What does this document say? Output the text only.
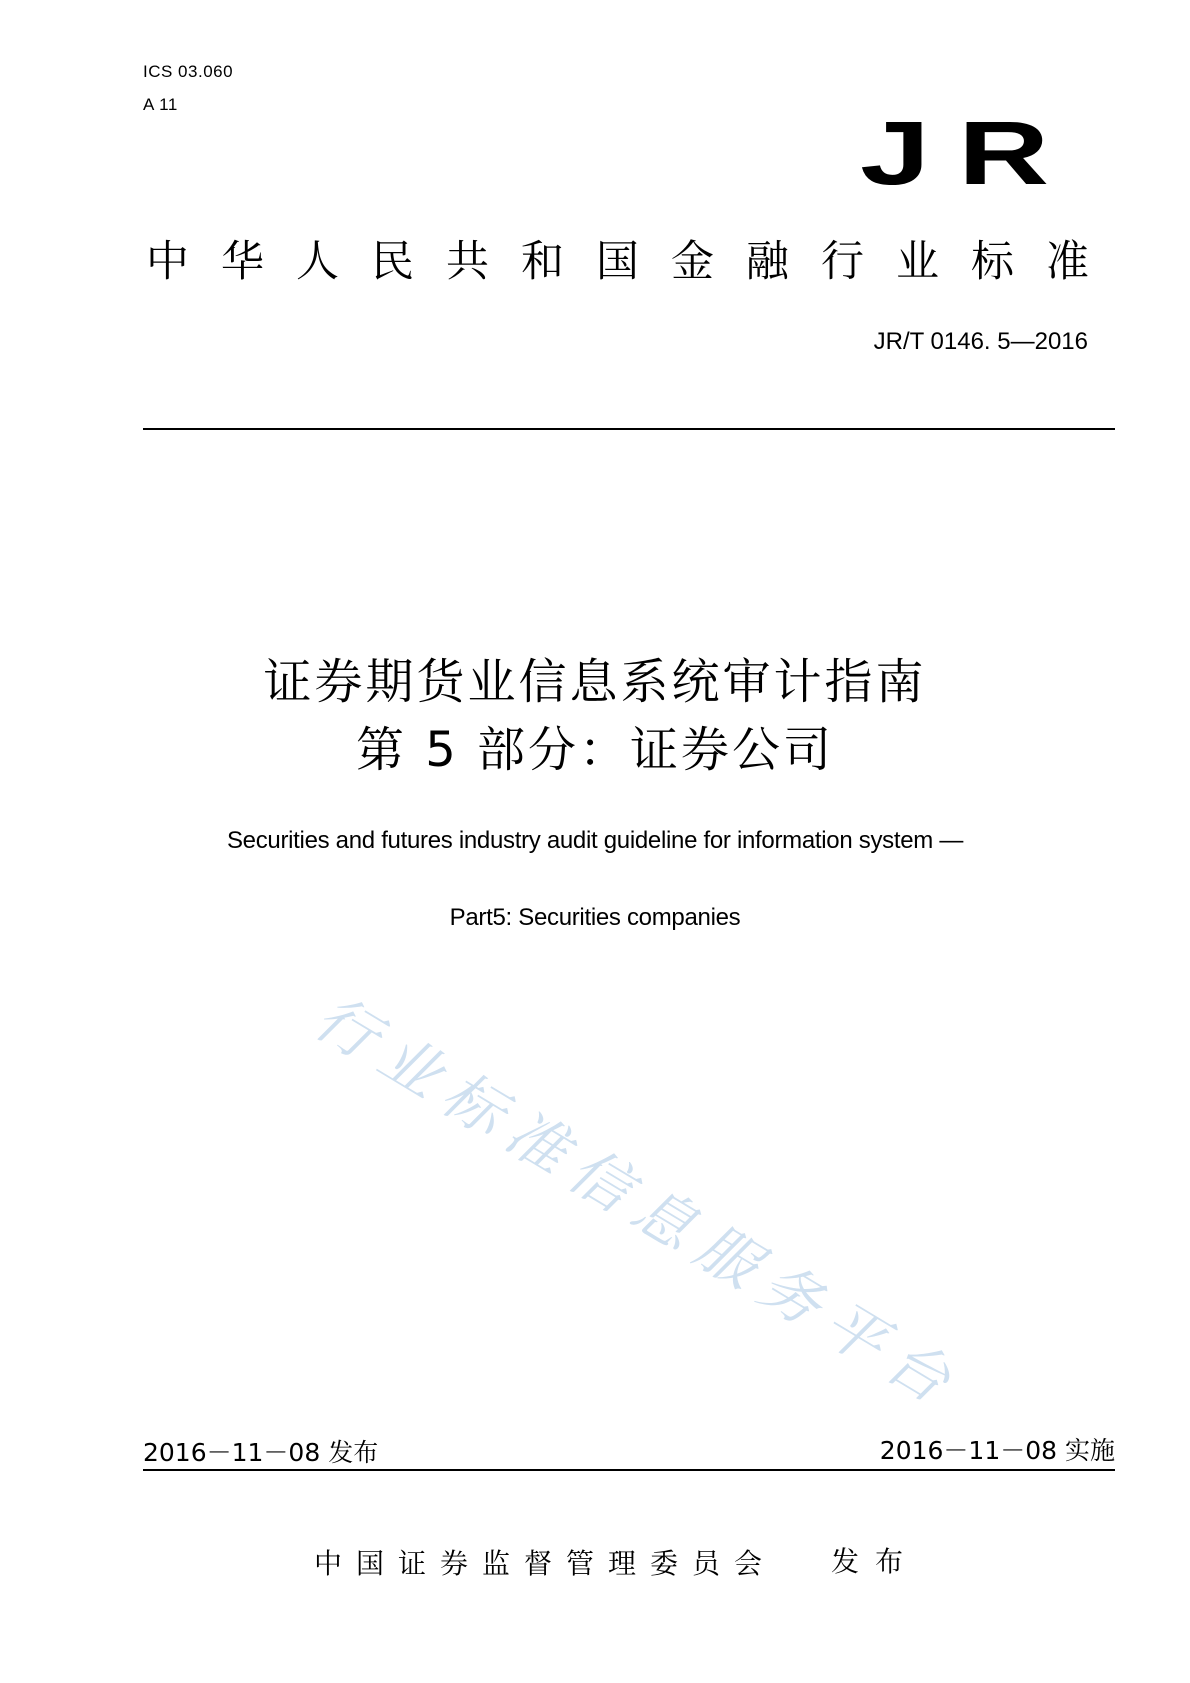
ICS 03.060
A 11	JR
中华人民共和国金融行业标准
JR/T 0146. 5—2016
证券期货业信息系统审计指南
第 5 部分：证券公司
Securities and futures industry audit guideline for information system —
Part5: Securities companies
行业标准信息服务平台
2016－11－08 发布	2016－11－08 实施
中国证券监督管理委员会 发布
